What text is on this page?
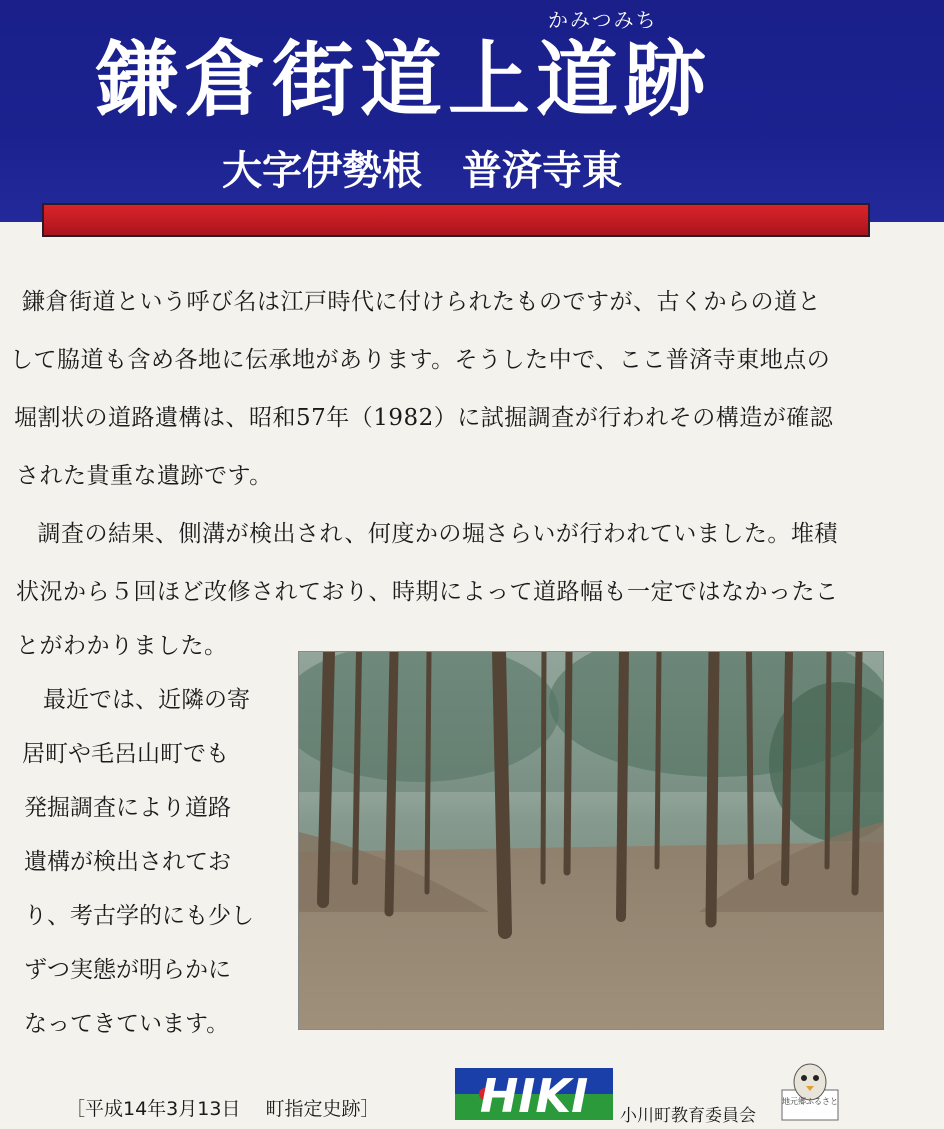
かみつみち
鎌倉街道上道跡
大字伊勢根　普済寺東
鎌倉街道という呼び名は江戸時代に付けられたものですが、古くからの道と
して脇道も含め各地に伝承地があります。そうした中で、ここ普済寺東地点の
堀割状の道路遺構は、昭和57年（1982）に試掘調査が行われその構造が確認
された貴重な遺跡です。
　調査の結果、側溝が検出され、何度かの堀さらいが行われていました。堆積
状況から５回ほど改修されており、時期によって道路幅も一定ではなかったこ
とがわかりました。
　最近では、近隣の寄
居町や毛呂山町でも
発掘調査により道路
遺構が検出されてお
り、考古学的にも少し
ずつ実態が明らかに
なってきています。
［平成14年3月13日　 町指定史跡］ HIKI 小川町教育委員会
地元郷ふるさと
